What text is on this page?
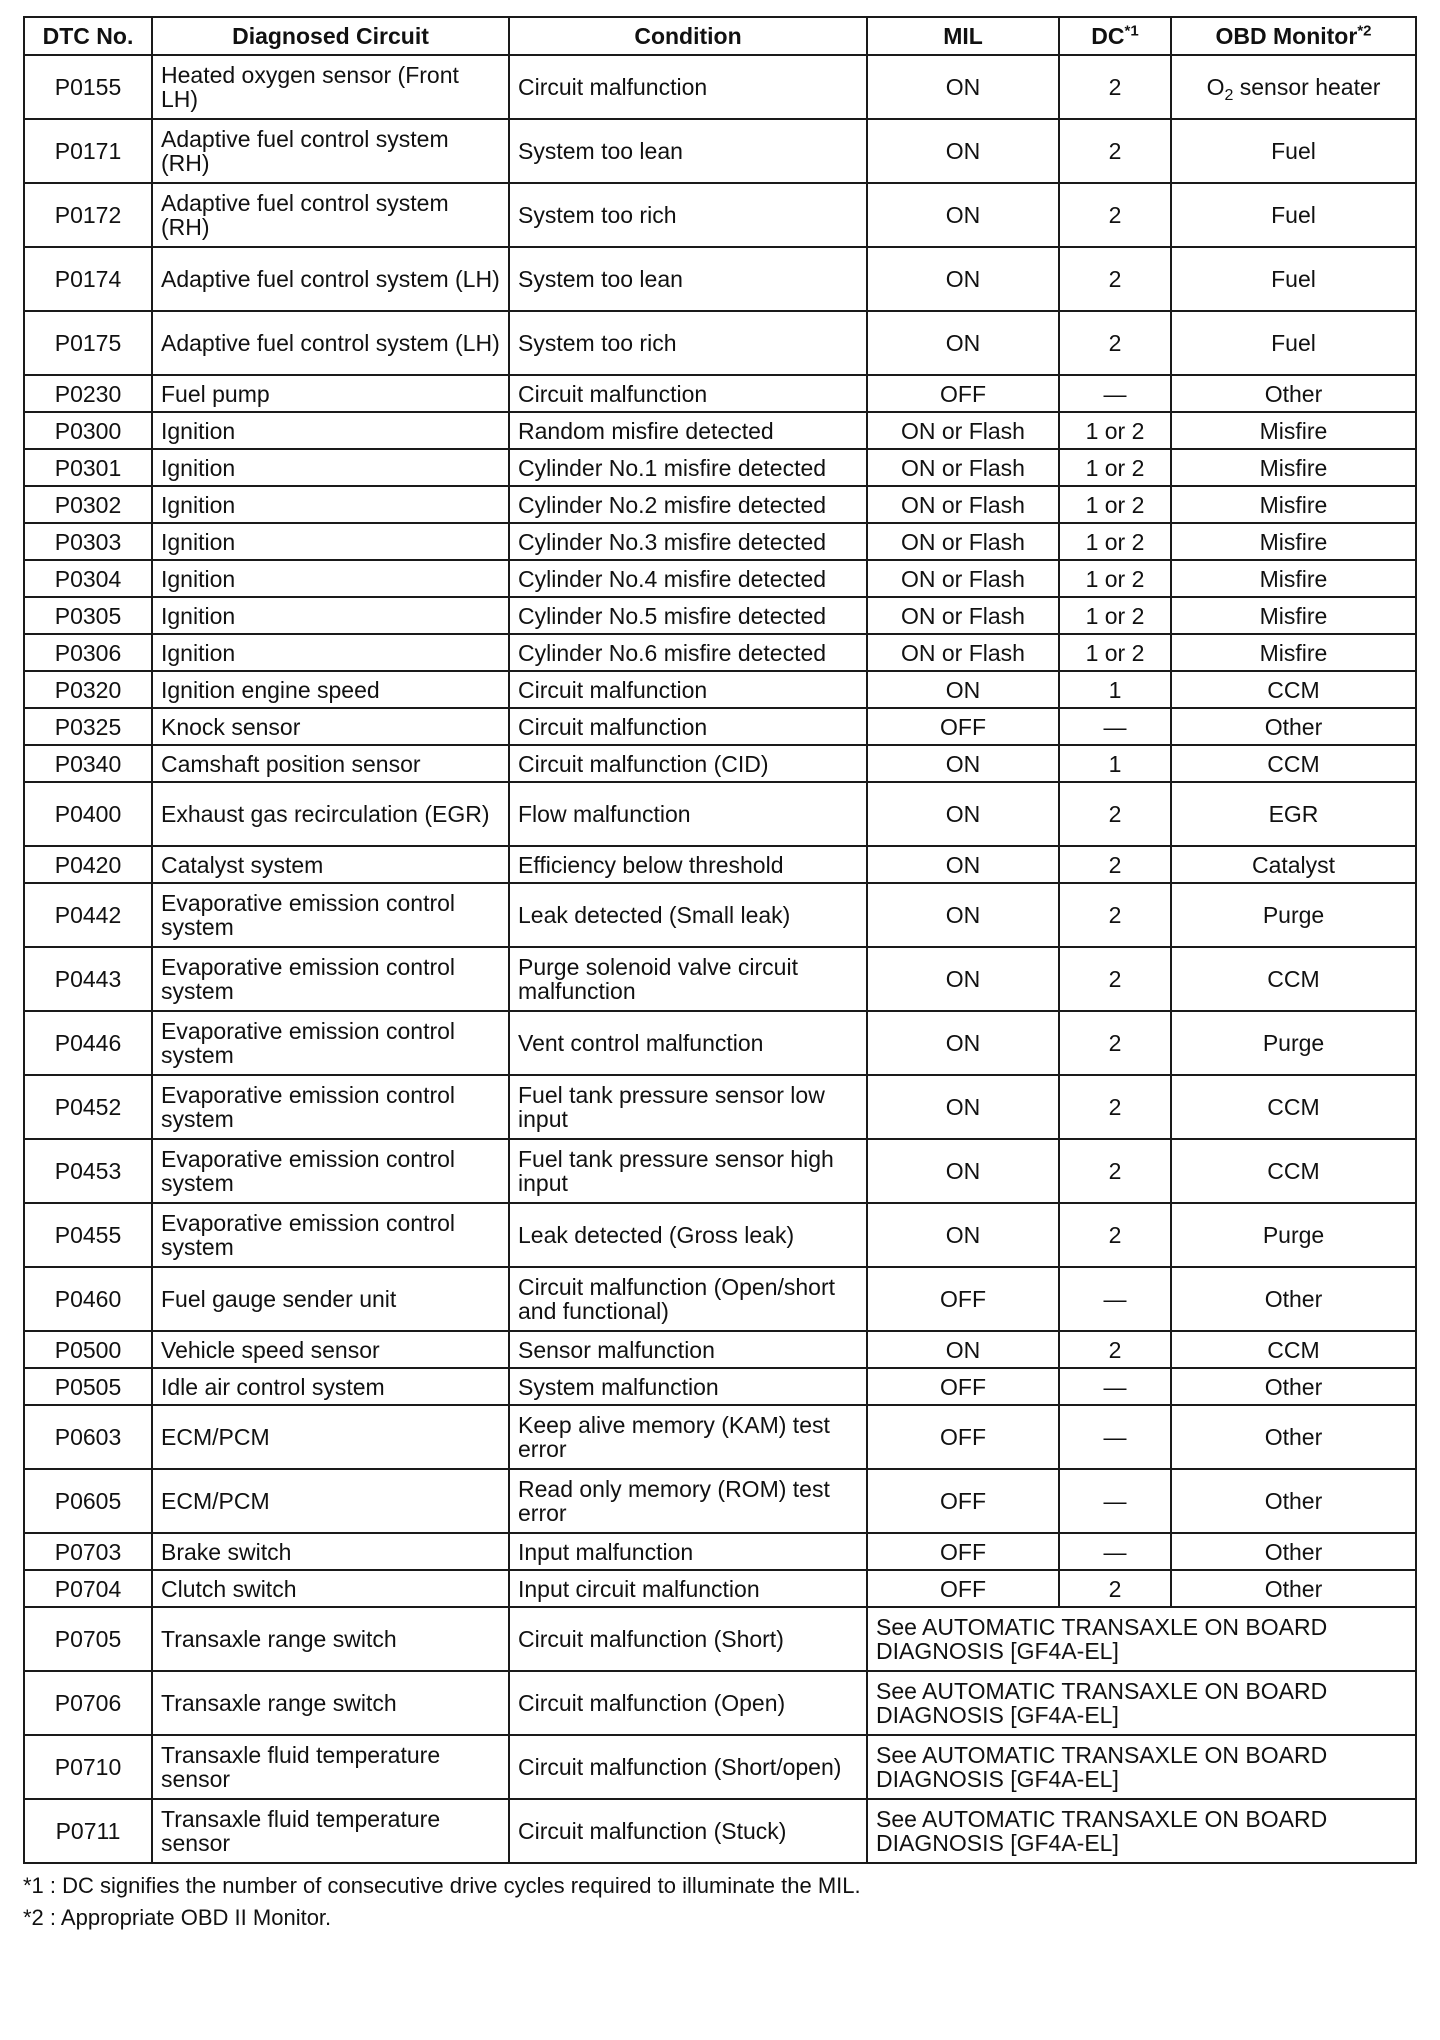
DTC No.	Diagnosed Circuit	Condition	MIL	DC$^{*1}$	OBD Monitor$^{*2}$
P0155	Heated oxygen sensor (Front LH)	Circuit malfunction	ON	2	$O_2$ sensor heater
P0171	Adaptive fuel control system (RH)	System too lean	ON	2	Fuel
P0172	Adaptive fuel control system (RH)	System too rich	ON	2	Fuel
P0174	Adaptive fuel control system (LH)	System too lean	ON	2	Fuel
P0175	Adaptive fuel control system (LH)	System too rich	ON	2	Fuel
P0230	Fuel pump	Circuit malfunction	OFF	—	Other
P0300	Ignition	Random misfire detected	ON or Flash	1 or 2	Misfire
P0301	Ignition	Cylinder No.1 misfire detected	ON or Flash	1 or 2	Misfire
P0302	Ignition	Cylinder No.2 misfire detected	ON or Flash	1 or 2	Misfire
P0303	Ignition	Cylinder No.3 misfire detected	ON or Flash	1 or 2	Misfire
P0304	Ignition	Cylinder No.4 misfire detected	ON or Flash	1 or 2	Misfire
P0305	Ignition	Cylinder No.5 misfire detected	ON or Flash	1 or 2	Misfire
P0306	Ignition	Cylinder No.6 misfire detected	ON or Flash	1 or 2	Misfire
P0320	Ignition engine speed	Circuit malfunction	ON	1	CCM
P0325	Knock sensor	Circuit malfunction	OFF	—	Other
P0340	Camshaft position sensor	Circuit malfunction (CID)	ON	1	CCM
P0400	Exhaust gas recirculation (EGR)	Flow malfunction	ON	2	EGR
P0420	Catalyst system	Efficiency below threshold	ON	2	Catalyst
P0442	Evaporative emission control system	Leak detected (Small leak)	ON	2	Purge
P0443	Evaporative emission control system	Purge solenoid valve circuit malfunction	ON	2	CCM
P0446	Evaporative emission control system	Vent control malfunction	ON	2	Purge
P0452	Evaporative emission control system	Fuel tank pressure sensor low input	ON	2	CCM
P0453	Evaporative emission control system	Fuel tank pressure sensor high input	ON	2	CCM
P0455	Evaporative emission control system	Leak detected (Gross leak)	ON	2	Purge
P0460	Fuel gauge sender unit	Circuit malfunction (Open/short and functional)	OFF	—	Other
P0500	Vehicle speed sensor	Sensor malfunction	ON	2	CCM
P0505	Idle air control system	System malfunction	OFF	—	Other
P0603	ECM/PCM	Keep alive memory (KAM) test error	OFF	—	Other
P0605	ECM/PCM	Read only memory (ROM) test error	OFF	—	Other
P0703	Brake switch	Input malfunction	OFF	—	Other
P0704	Clutch switch	Input circuit malfunction	OFF	2	Other
P0705	Transaxle range switch	Circuit malfunction (Short)	See AUTOMATIC TRANSAXLE ON BOARD DIAGNOSIS [GF4A-EL]		
P0706	Transaxle range switch	Circuit malfunction (Open)	See AUTOMATIC TRANSAXLE ON BOARD DIAGNOSIS [GF4A-EL]		
P0710	Transaxle fluid temperature sensor	Circuit malfunction (Short/open)	See AUTOMATIC TRANSAXLE ON BOARD DIAGNOSIS [GF4A-EL]		
P0711	Transaxle fluid temperature sensor	Circuit malfunction (Stuck)	See AUTOMATIC TRANSAXLE ON BOARD DIAGNOSIS [GF4A-EL]		
*1 : DC signifies the number of consecutive drive cycles required to illuminate the MIL.
*2 : Appropriate OBD II Monitor.
